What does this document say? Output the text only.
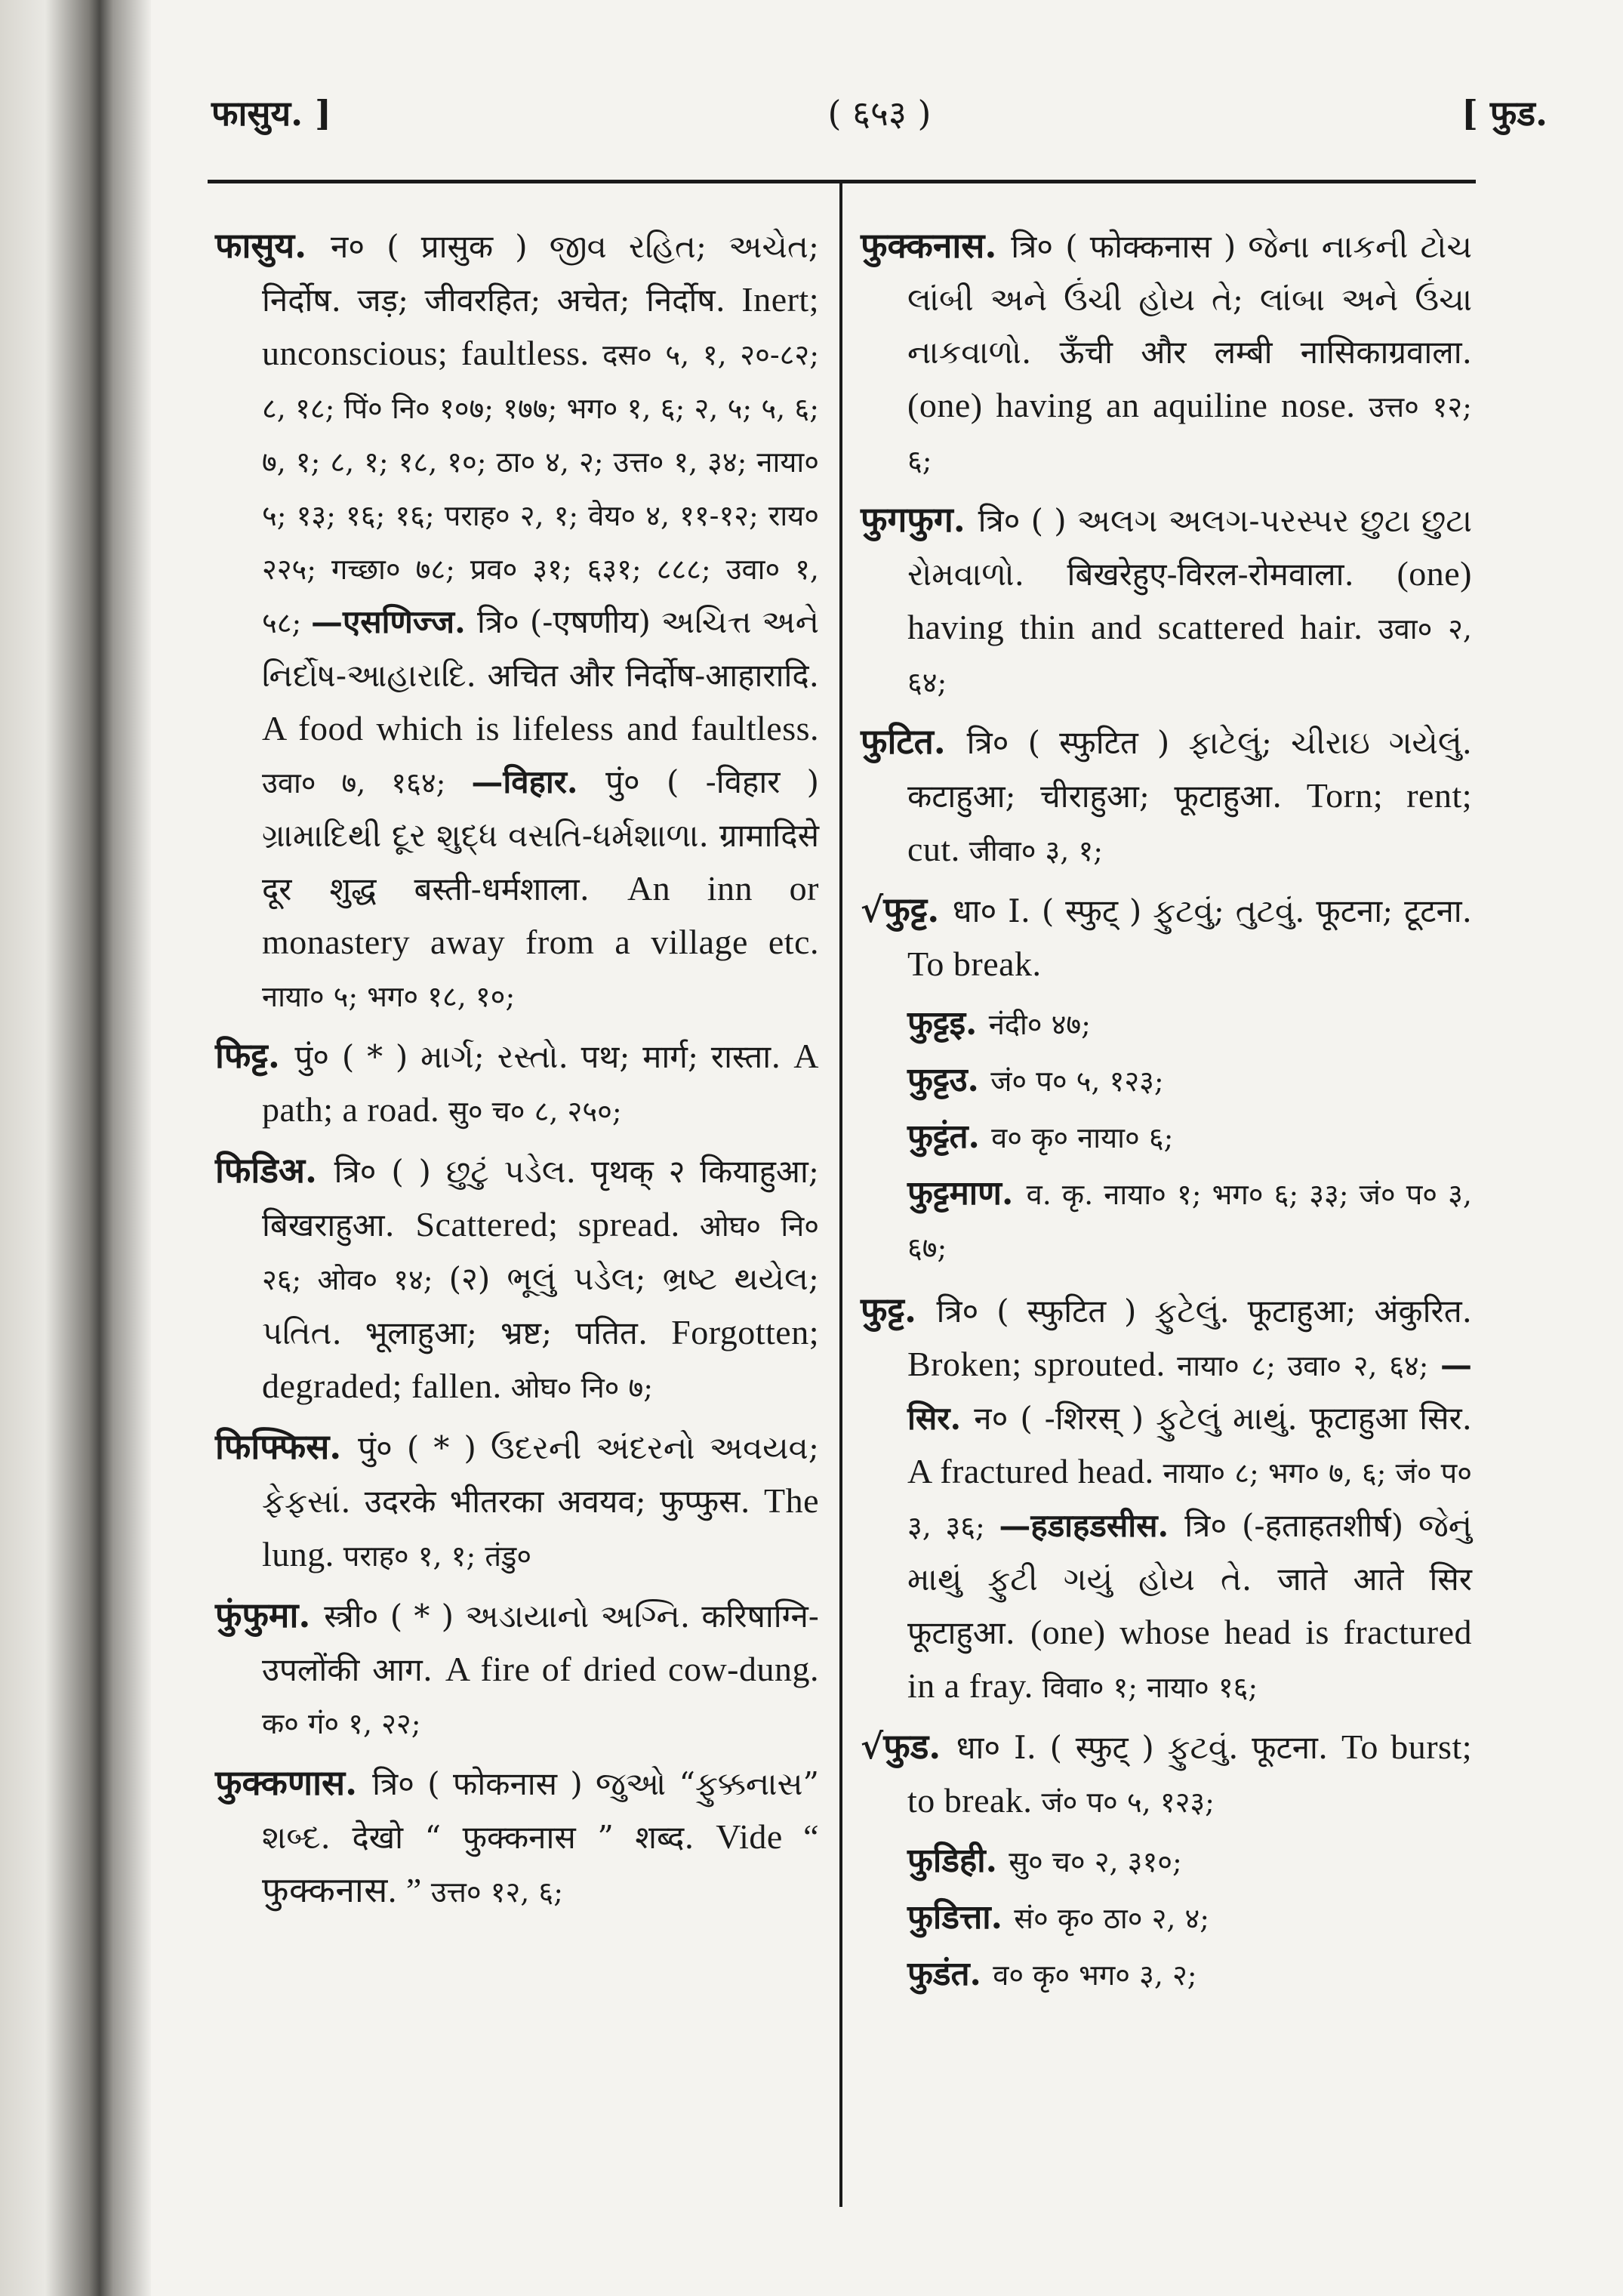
फासुय. ]	( ६५३ )	[ फुड.

फासुय. न० ( प्रासुक ) જીવ રહિત; અચેત; निर्दोष. जड़; जीवरहित; अचेत; निर्दोष. Inert; unconscious; faultless. दस० ५, १, २०-८२; ८, १८; पिं० नि० १०७; १७७; भग० १, ६; २, ५; ५, ६; ७, १; ८, १; १८, १०; ठा० ४, २; उत्त० १, ३४; नाया० ५; १३; १६; १६; पराह० २, १; वेय० ४, ११-१२; राय० २२५; गच्छा० ७८; प्रव० ३१; ६३१; ८८८; उवा० १, ५८; —एसणिज्ज. त्रि० (-एषणीय) અચિત્ત અને નિર્દોષ-આહારાદિ. अचित और निर्दोष-आहारादि. A food which is lifeless and faultless. उवा० ७, १६४; —विहार. पुं० ( -विहार ) ગ્રામાદિથી દૂર શુદ્ધ વસતિ-ધર્મશાળા. ग्रामादिसे दूर शुद्ध बस्ती-धर्मशाला. An inn or monastery away from a village etc. नाया० ५; भग० १८, १०;

फिट्ट. पुं० ( * ) માર્ગ; રસ્તો. पथ; मार्ग; रास्ता. A path; a road. सु० च० ८, २५०;

फिडिअ. त्रि० ( ) છુટું પડેલ. पृथक् २ कियाहुआ; बिखराहुआ. Scattered; spread. ओघ० नि० २६; ओव० १४; (२) ભૂલું પડેલ; ભ્રષ્ટ થયેલ; પતિત. भूलाहुआ; भ्रष्ट; पतित. Forgotten; degraded; fallen. ओघ० नि० ७;

फिफ्फिस. पुं० ( * ) ઉદરની અંદરનો અવયવ; ફેફસાં. उदरके भीतरका अवयव; फुप्फुस. The lung. पराह० १, १; तंडु०

फुंफुमा. स्त्री० ( * ) અડાયાનો અગ્નિ. करिषाग्नि-उपलोंकी आग. A fire of dried cow-dung. क० गं० १, २२;

फुक्कणास. त्रि० ( फोकनास ) જુઓ “ફુક્કનાસ” શબ્દ. देखो “ फुक्कनास ” शब्द. Vide “ फुक्कनास. ” उत्त० १२, ६;

फुक्कनास. त्रि० ( फोक्कनास ) જેના નાકની ટોચ લાંબી અને ઉંચી હોય તે; લાંબા અને ઉંચા નાકવાળો. ऊँची और लम्बी नासिकाग्रवाला. (one) having an aquiline nose. उत्त० १२; ६;

फुगफुग. त्रि० ( ) અલગ અલગ-પરસ્પર છુટા છુટા રોમવાળો. बिखरेहुए-विरल-रोमवाला. (one) having thin and scattered hair. उवा० २, ६४;

फुटित. त्रि० ( स्फुटित ) ફાટેલું; ચીરાઇ ગયેલું. कटाहुआ; चीराहुआ; फूटाहुआ. Torn; rent; cut. जीवा० ३, १;

√फुट्ट. धा० I. ( स्फुट् ) ફુટવું; તુટવું. फूटना; टूटना. To break.

फुट्टइ. नंदी० ४७;

फुट्टउ. जं० प० ५, १२३;

फुट्टंत. व० कृ० नाया० ६;

फुट्टमाण. व. कृ. नाया० १; भग० ६; ३३; जं० प० ३, ६७;

फुट्ट. त्रि० ( स्फुटित ) ફુટેલું. फूटाहुआ; अंकुरित. Broken; sprouted. नाया० ८; उवा० २, ६४; —सिर. न० ( -शिरस् ) ફુટેલું માથું. फूटाहुआ सिर. A fractured head. नाया० ८; भग० ७, ६; जं० प० ३, ३६; —हडाहडसीस. त्रि० (-हताहतशीर्ष) જેનું માથું ફુટી ગયું હોય તે. जाते आते सिर फूटाहुआ. (one) whose head is fractured in a fray. विवा० १; नाया० १६;

√फुड. धा० I. ( स्फुट् ) ફુટવું. फूटना. To burst; to break. जं० प० ५, १२३;

फुडिही. सु० च० २, ३१०;

फुडित्ता. सं० कृ० ठा० २, ४;

फुडंत. व० कृ० भग० ३, २;
